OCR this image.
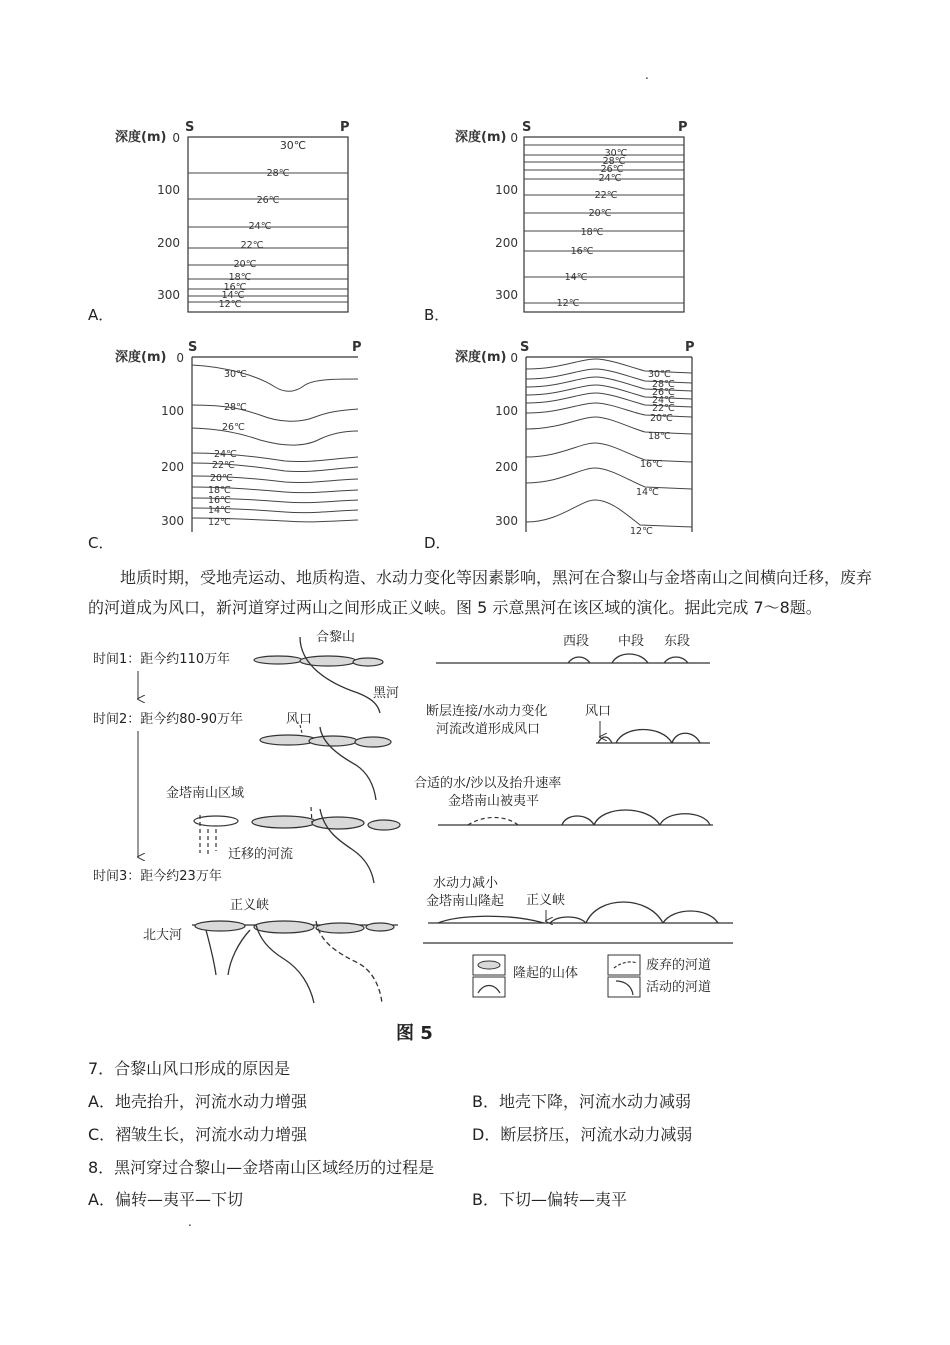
.
.
深度(m)
S	P
0
100
200
300
30℃
28℃
26℃
24℃
22℃
20℃
18℃
16℃
14℃
12℃
A．
深度(m)
S	P
0
100
200
300
30℃
28℃
26℃
24℃
22℃
20℃
18℃
16℃
14℃
12℃
B．
深度(m)
S	P
0
100
200
300
30℃
28℃
26℃
24℃
22℃
20℃
18℃
16℃
14℃
12℃
C．
深度(m)
S	P
0
100
200
300
30℃
28℃
26℃
24℃
22℃
20℃
18℃
16℃
14℃
12℃
D．
地质时期，受地壳运动、地质构造、水动力变化等因素影响，黑河在合黎山与金塔南山之间横向迁移，废弃的河道成为风口，新河道穿过两山之间形成正义峡。图 5 示意黑河在该区域的演化。据此完成 7～8题。
时间1：距今约110万年
时间2：距今约80-90万年
时间3：距今约23万年
合黎山
黑河
风口
金塔南山区域
迁移的河流
正义峡
北大河
西段 中段 东段
断层连接/水动力变化
河流改道形成风口
风口
合适的水/沙以及抬升速率
金塔南山被夷平
水动力减小
金塔南山隆起 正义峡
隆起的山体
废弃的河道
活动的河道
图 5
7．合黎山风口形成的原因是
A．地壳抬升，河流水动力增强	B．地壳下降，河流水动力减弱
C．褶皱生长，河流水动力增强	D．断层挤压，河流水动力减弱
8．黑河穿过合黎山—金塔南山区域经历的过程是
A．偏转—夷平—下切	B．下切—偏转—夷平
